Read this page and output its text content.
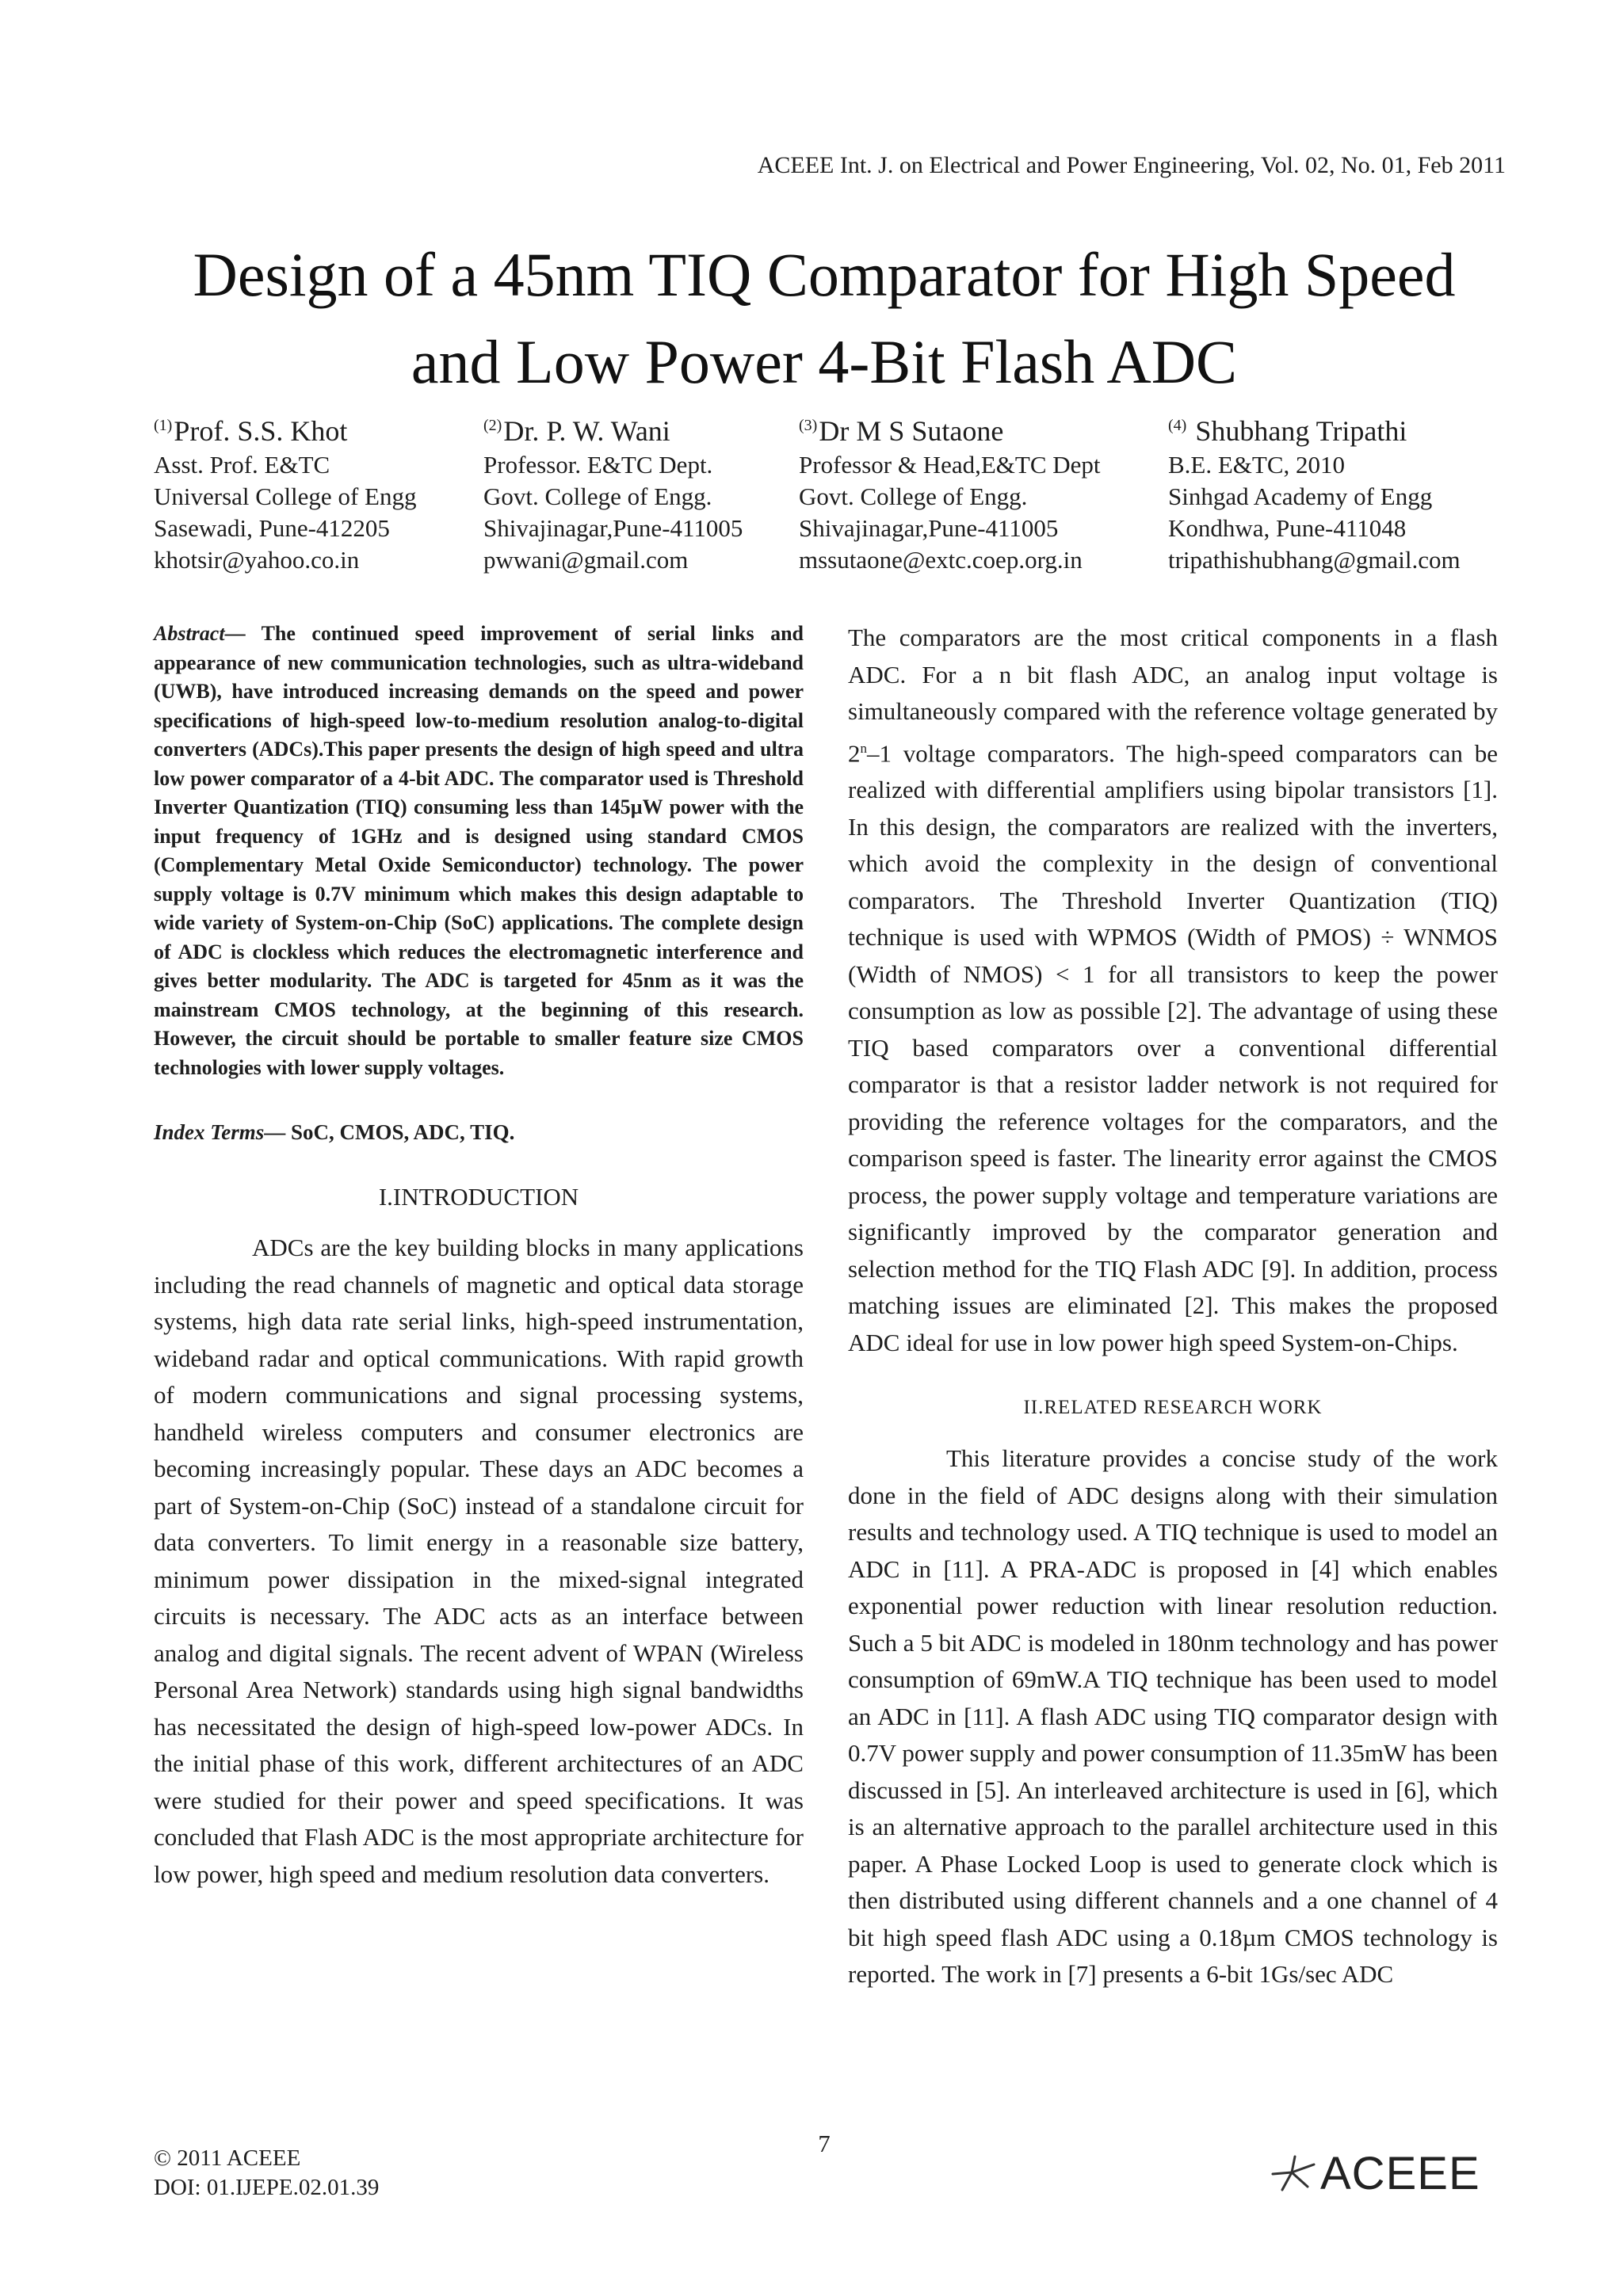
ACEEE Int. J. on Electrical and Power Engineering, Vol. 02, No. 01, Feb 2011
Design of a 45nm TIQ Comparator for High Speed
and Low Power 4-Bit Flash ADC
$^{(1)}$Prof. S.S. Khot
Asst. Prof. E&TC
Universal College of Engg
Sasewadi, Pune-412205
khotsir@yahoo.co.in
$^{(2)}$Dr. P. W. Wani
Professor. E&TC Dept.
Govt. College of Engg.
Shivajinagar,Pune-411005
pwwani@gmail.com
$^{(3)}$Dr M S Sutaone
Professor & Head,E&TC Dept
Govt. College of Engg.
Shivajinagar,Pune-411005
mssutaone@extc.coep.org.in
$^{(4)}$ Shubhang Tripathi
B.E. E&TC, 2010
Sinhgad Academy of Engg
Kondhwa, Pune-411048
tripathishubhang@gmail.com

Abstract— The continued speed improvement of serial links and appearance of new communication technologies, such as ultra-wideband (UWB), have introduced increasing demands on the speed and power specifications of high-speed low-to-medium resolution analog-to-digital converters (ADCs).This paper presents the design of high speed and ultra low power comparator of a 4-bit ADC. The comparator used is Threshold Inverter Quantization (TIQ) consuming less than 145µW power with the input frequency of 1GHz and is designed using standard CMOS (Complementary Metal Oxide Semiconductor) technology. The power supply voltage is 0.7V minimum which makes this design adaptable to wide variety of System-on-Chip (SoC) applications. The complete design of ADC is clockless which reduces the electromagnetic interference and gives better modularity. The ADC is targeted for 45nm as it was the mainstream CMOS technology, at the beginning of this research. However, the circuit should be portable to smaller feature size CMOS technologies with lower supply voltages.

Index Terms— SoC, CMOS, ADC, TIQ.

I.INTRODUCTION

ADCs are the key building blocks in many applications including the read channels of magnetic and optical data storage systems, high data rate serial links, high-speed instrumentation, wideband radar and optical communications. With rapid growth of modern communications and signal processing systems, handheld wireless computers and consumer electronics are becoming increasingly popular. These days an ADC becomes a part of System-on-Chip (SoC) instead of a standalone circuit for data converters. To limit energy in a reasonable size battery, minimum power dissipation in the mixed-signal integrated circuits is necessary. The ADC acts as an interface between analog and digital signals. The recent advent of WPAN (Wireless Personal Area Network) standards using high signal bandwidths has necessitated the design of high-speed low-power ADCs. In the initial phase of this work, different architectures of an ADC were studied for their power and speed specifications. It was concluded that Flash ADC is the most appropriate architecture for low power, high speed and medium resolution data converters.

The comparators are the most critical components in a flash ADC. For a n bit flash ADC, an analog input voltage is simultaneously compared with the reference voltage generated by 2$^n$–1 voltage comparators. The high-speed comparators can be realized with differential amplifiers using bipolar transistors [1]. In this design, the comparators are realized with the inverters, which avoid the complexity in the design of conventional comparators. The Threshold Inverter Quantization (TIQ) technique is used with WPMOS (Width of PMOS) ÷ WNMOS (Width of NMOS) < 1 for all transistors to keep the power consumption as low as possible [2]. The advantage of using these TIQ based comparators over a conventional differential comparator is that a resistor ladder network is not required for providing the reference voltages for the comparators, and the comparison speed is faster. The linearity error against the CMOS process, the power supply voltage and temperature variations are significantly improved by the comparator generation and selection method for the TIQ Flash ADC [9]. In addition, process matching issues are eliminated [2]. This makes the proposed ADC ideal for use in low power high speed System-on-Chips.

II.RELATED RESEARCH WORK

This literature provides a concise study of the work done in the field of ADC designs along with their simulation results and technology used. A TIQ technique is used to model an ADC in [11]. A PRA-ADC is proposed in [4] which enables exponential power reduction with linear resolution reduction. Such a 5 bit ADC is modeled in 180nm technology and has power consumption of 69mW.A TIQ technique has been used to model an ADC in [11]. A flash ADC using TIQ comparator design with 0.7V power supply and power consumption of 11.35mW has been discussed in [5]. An interleaved architecture is used in [6], which is an alternative approach to the parallel architecture used in this paper. A Phase Locked Loop is used to generate clock which is then distributed using different channels and a one channel of 4 bit high speed flash ADC using a 0.18µm CMOS technology is reported. The work in [7] presents a 6-bit 1Gs/sec ADC

© 2011 ACEEE
DOI: 01.IJEPE.02.01.39
7
ACEEE
